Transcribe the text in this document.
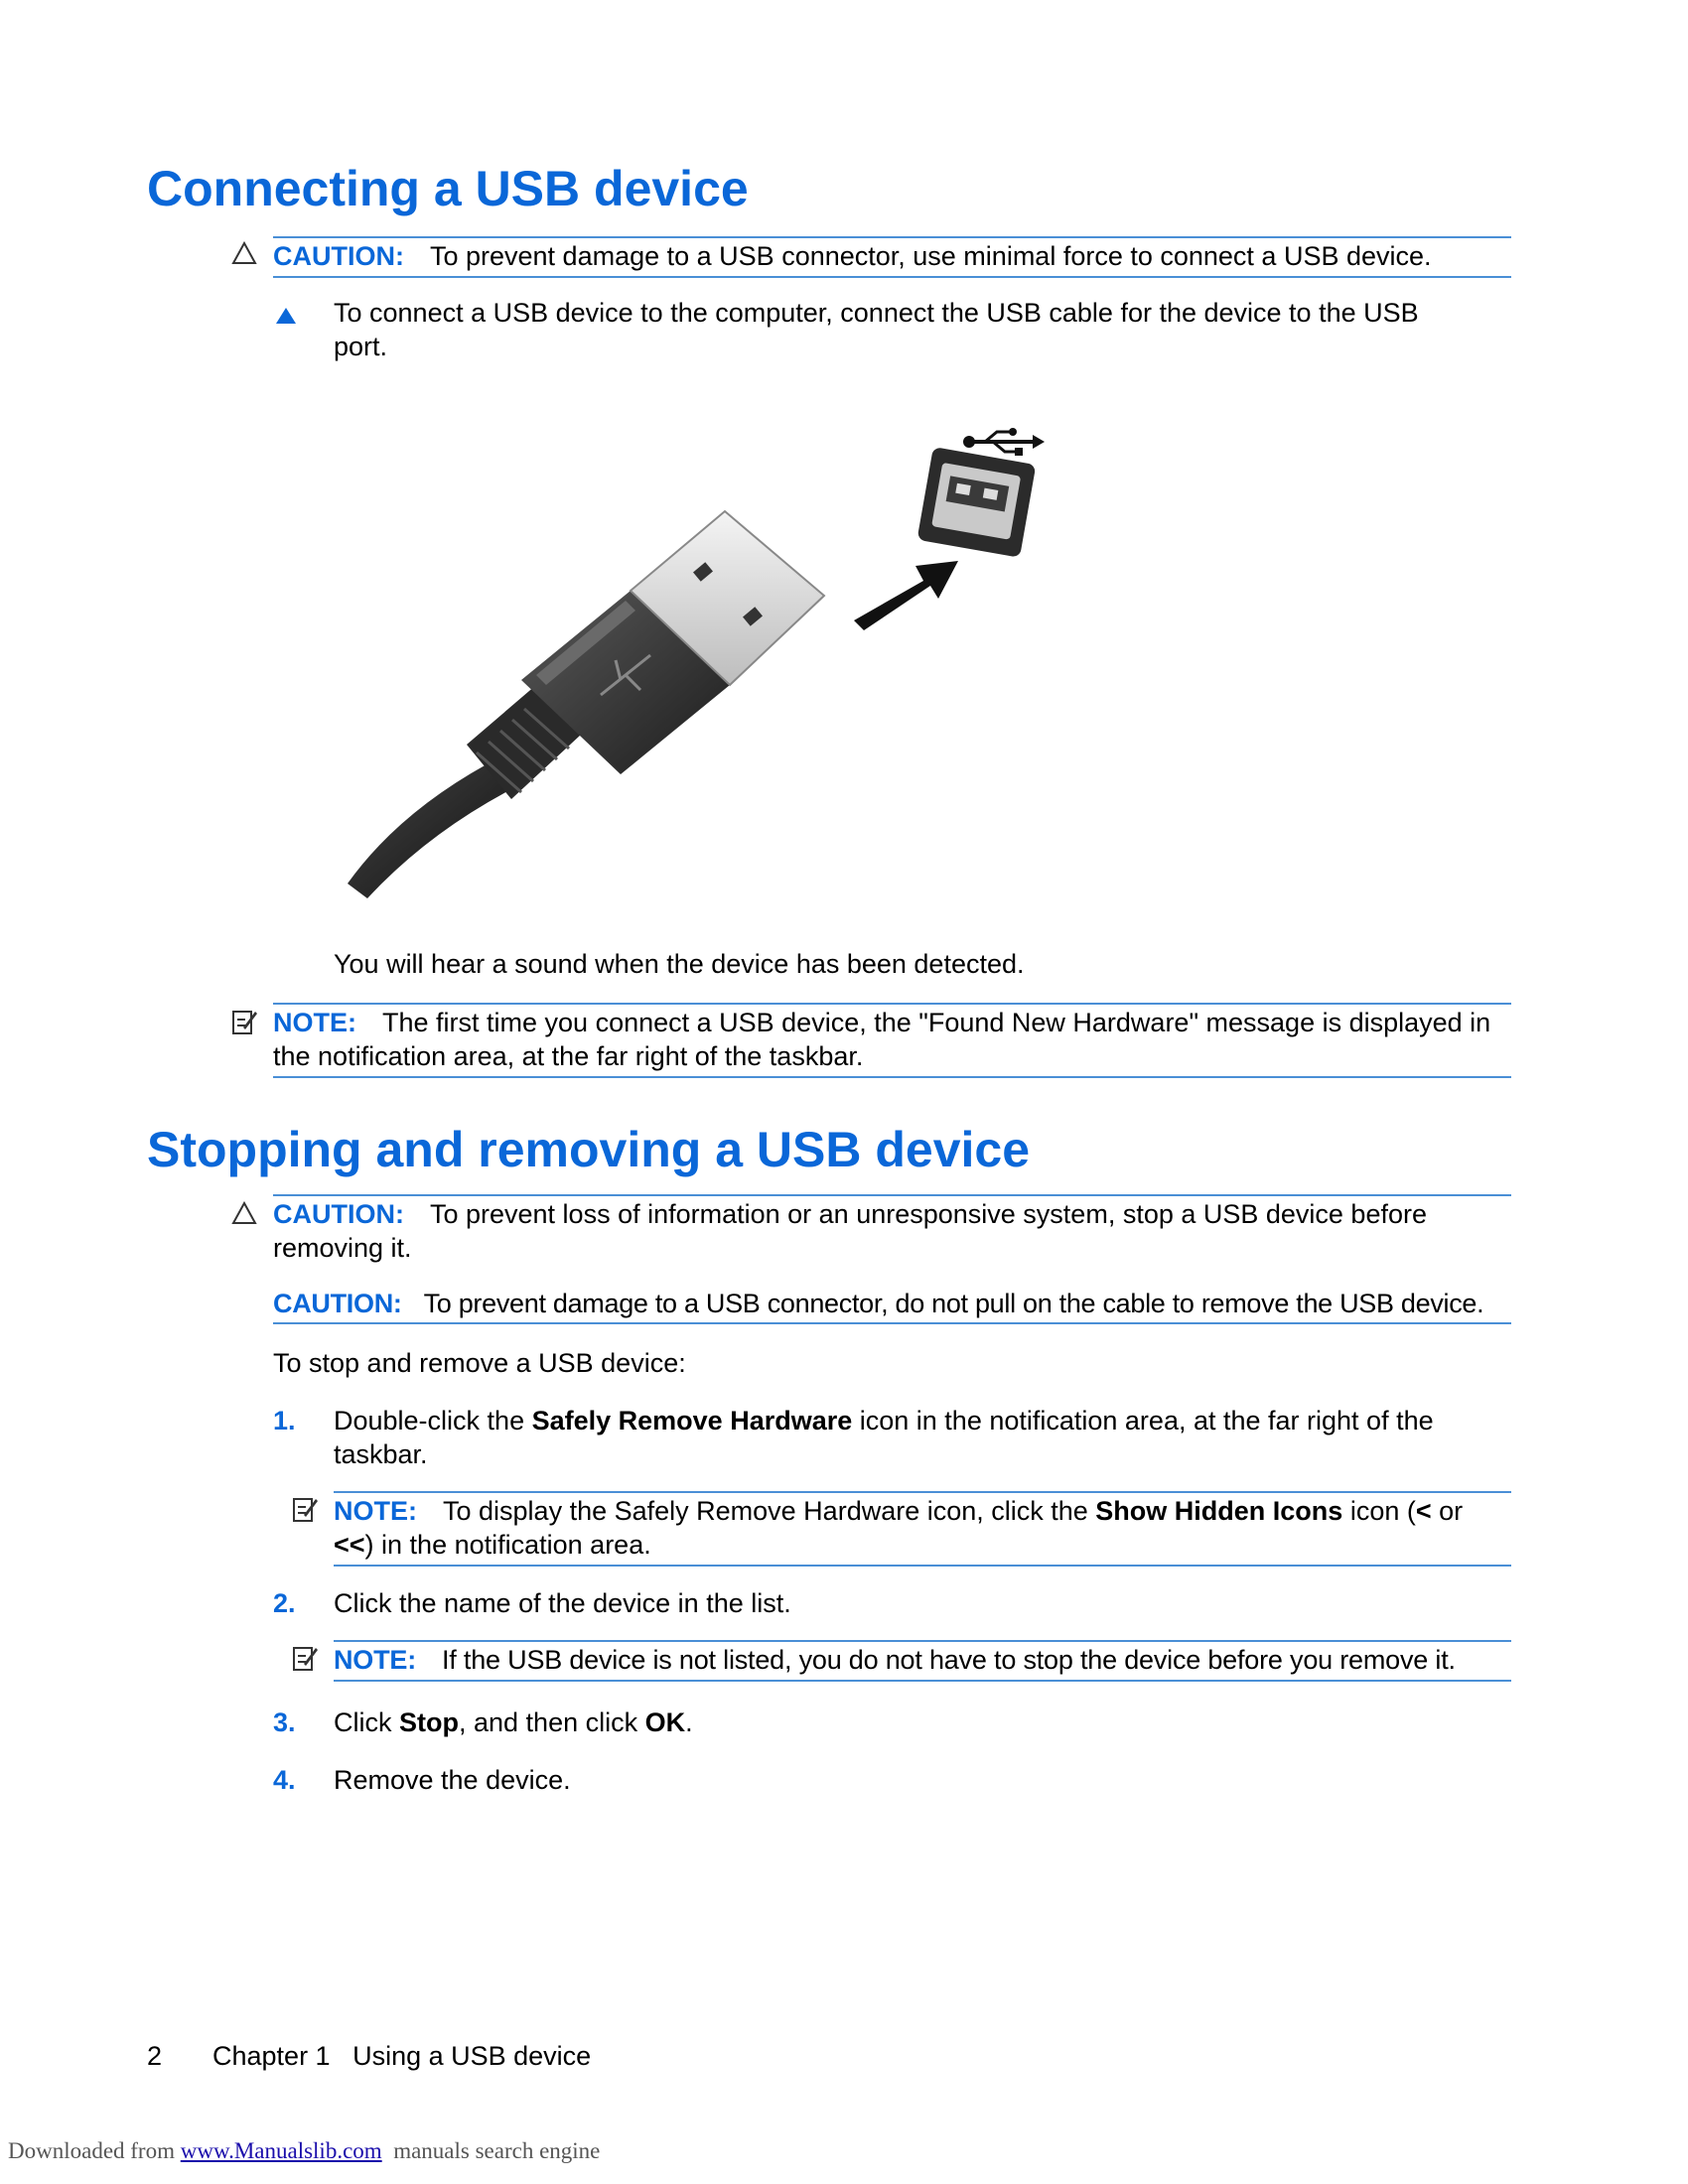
Connecting a USB device
CAUTION: To prevent damage to a USB connector, use minimal force to connect a USB device.
To connect a USB device to the computer, connect the USB cable for the device to the USB
port.
You will hear a sound when the device has been detected.
NOTE: The first time you connect a USB device, the "Found New Hardware" message is displayed in
the notification area, at the far right of the taskbar.
Stopping and removing a USB device
CAUTION: To prevent loss of information or an unresponsive system, stop a USB device before
removing it.
CAUTION: To prevent damage to a USB connector, do not pull on the cable to remove the USB device.
To stop and remove a USB device:
1. Double-click the Safely Remove Hardware icon in the notification area, at the far right of the
taskbar.
NOTE: To display the Safely Remove Hardware icon, click the Show Hidden Icons icon (< or
<<) in the notification area.
2. Click the name of the device in the list.
NOTE: If the USB device is not listed, you do not have to stop the device before you remove it.
3. Click Stop, and then click OK.
4. Remove the device.
2 Chapter 1   Using a USB device
Downloaded from www.Manualslib.com  manuals search engine
